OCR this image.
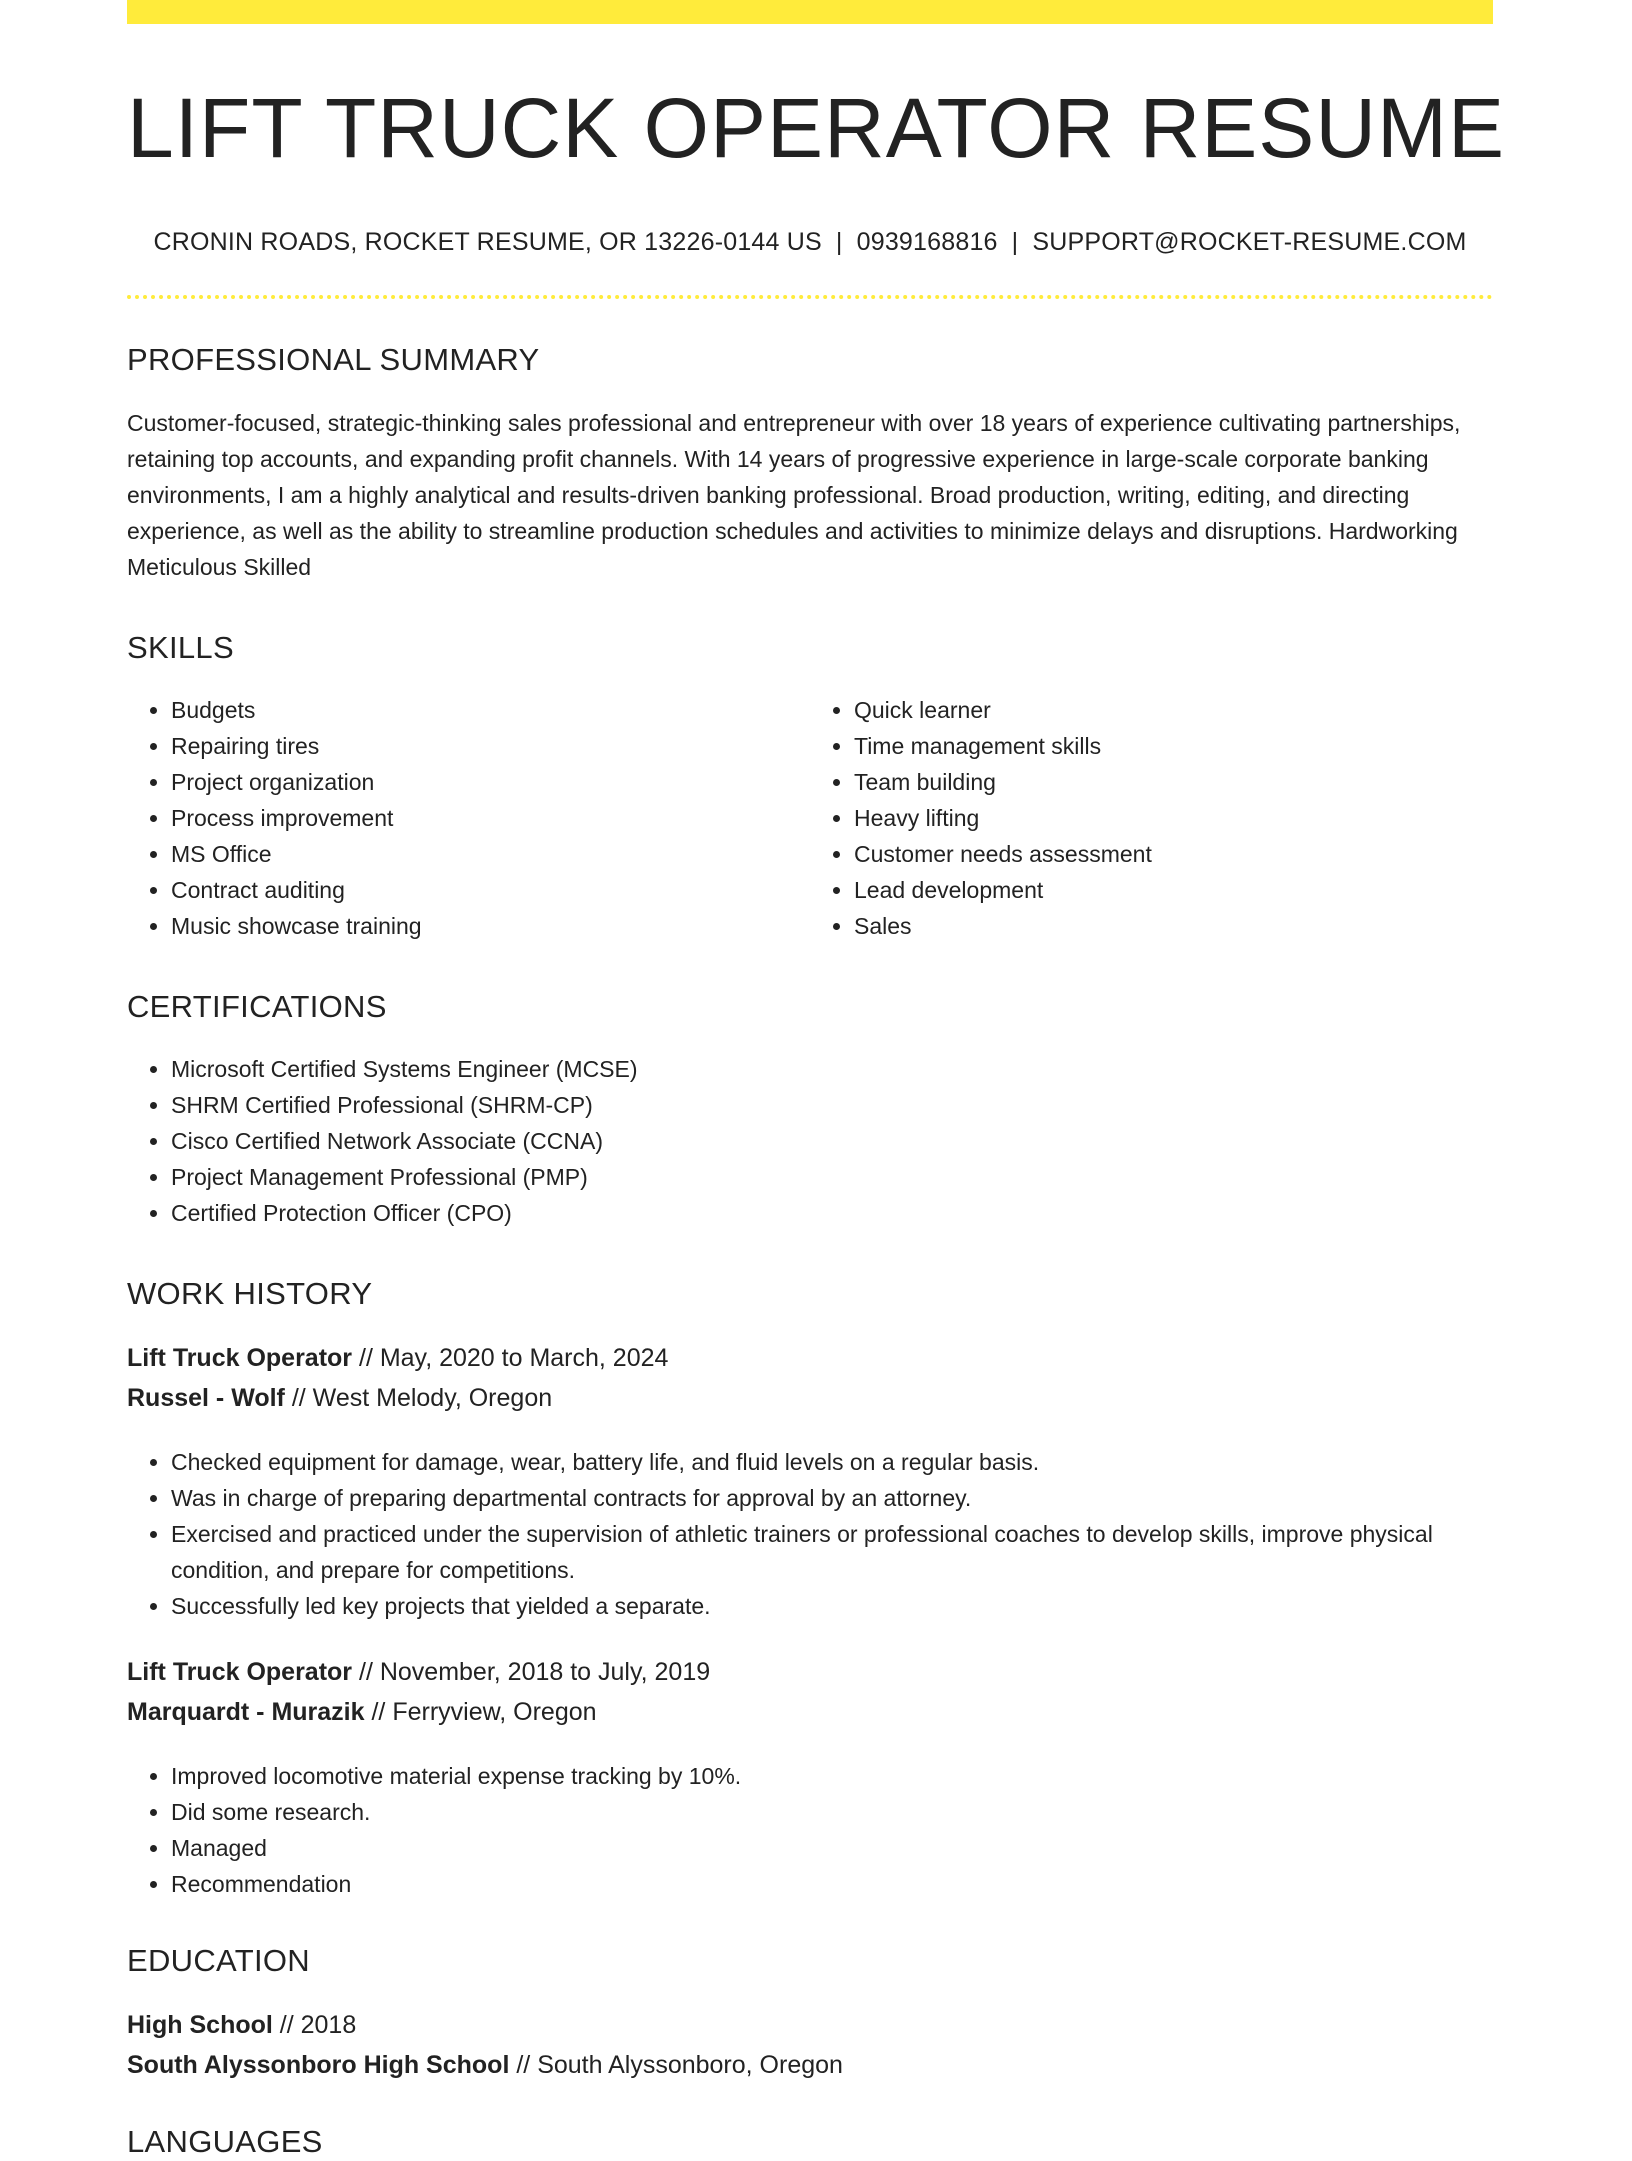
LIFT TRUCK OPERATOR RESUME
CRONIN ROADS, ROCKET RESUME, OR 13226-0144 US | 0939168816 | SUPPORT@ROCKET-RESUME.COM
PROFESSIONAL SUMMARY
Customer-focused, strategic-thinking sales professional and entrepreneur with over 18 years of experience cultivating partnerships, retaining top accounts, and expanding profit channels. With 14 years of progressive experience in large-scale corporate banking environments, I am a highly analytical and results-driven banking professional. Broad production, writing, editing, and directing experience, as well as the ability to streamline production schedules and activities to minimize delays and disruptions. Hardworking Meticulous Skilled
SKILLS
• Budgets
• Repairing tires
• Project organization
• Process improvement
• MS Office
• Contract auditing
• Music showcase training
• Quick learner
• Time management skills
• Team building
• Heavy lifting
• Customer needs assessment
• Lead development
• Sales
CERTIFICATIONS
• Microsoft Certified Systems Engineer (MCSE)
• SHRM Certified Professional (SHRM-CP)
• Cisco Certified Network Associate (CCNA)
• Project Management Professional (PMP)
• Certified Protection Officer (CPO)
WORK HISTORY
Lift Truck Operator // May, 2020 to March, 2024
Russel - Wolf // West Melody, Oregon
• Checked equipment for damage, wear, battery life, and fluid levels on a regular basis.
• Was in charge of preparing departmental contracts for approval by an attorney.
• Exercised and practiced under the supervision of athletic trainers or professional coaches to develop skills, improve physical condition, and prepare for competitions.
• Successfully led key projects that yielded a separate.
Lift Truck Operator // November, 2018 to July, 2019
Marquardt - Murazik // Ferryview, Oregon
• Improved locomotive material expense tracking by 10%.
• Did some research.
• Managed
• Recommendation
EDUCATION
High School // 2018
South Alyssonboro High School // South Alyssonboro, Oregon
LANGUAGES
